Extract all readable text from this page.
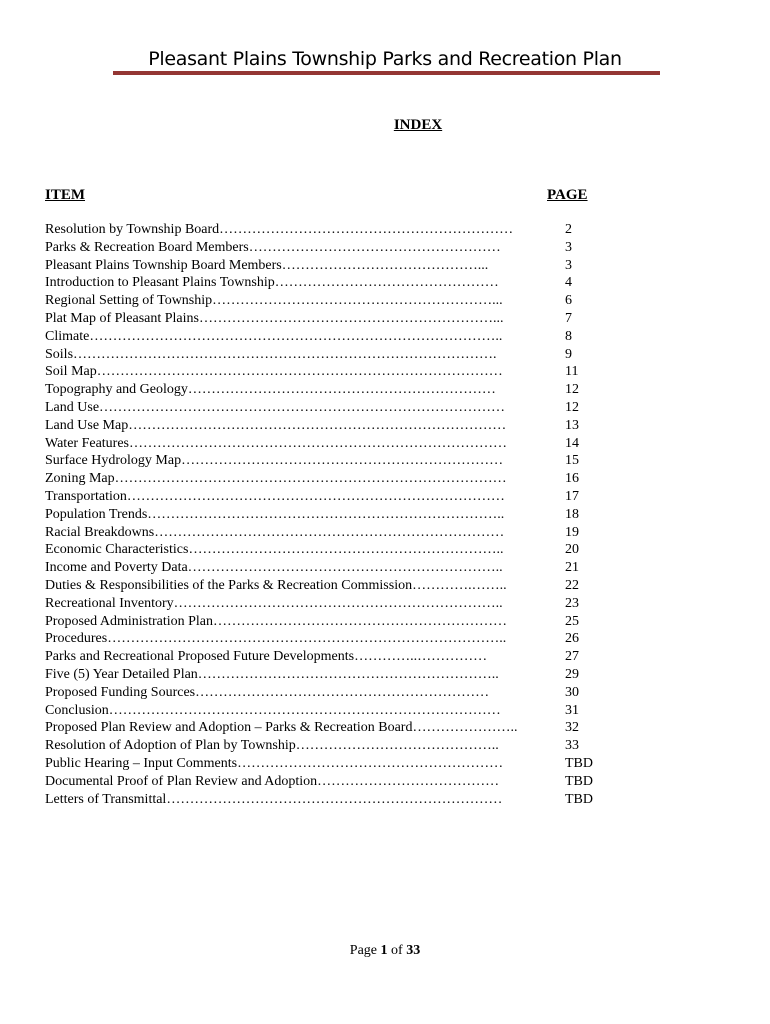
Pleasant Plains Township Parks and Recreation Plan
INDEX
ITEM	PAGE
Resolution by Township Board………………………………………………………	2
Parks & Recreation Board Members………………………………………………	3
Pleasant Plains Township Board Members……………………………………...	3
Introduction to Pleasant Plains Township…………………………………………	4
Regional Setting of Township……………………………………………………...	6
Plat Map of Pleasant Plains………………………………………………………...	7
Climate……………………………………………………………………………..	8
Soils……………………………………………………………………………….	9
Soil Map……………………………………………………………………………	11
Topography and Geology…………………………………………………………	12
Land Use……………………………………………………………………………	12
Land Use Map………………………………………………………………………	13
Water Features………………………………………………………………………	14
Surface Hydrology Map……………………………………………………………	15
Zoning Map…………………………………………………………………………	16
Transportation………………………………………………………………………	17
Population Trends…………………………………………………………………..	18
Racial Breakdowns…………………………………………………………………	19
Economic Characteristics…………………………………………………………..	20
Income and Poverty Data…………………………………………………………..	21
Duties & Responsibilities of the Parks & Recreation Commission………….……..	22
Recreational Inventory……………………………………………………………..	23
Proposed Administration Plan………………………………………………………	25
Procedures…………………………………………………………………………..	26
Parks and Recreational Proposed Future Developments…………..……………	27
Five (5) Year Detailed Plan………………………………………………………..	29
Proposed Funding Sources………………………………………………………	30
Conclusion…………………………………………………………………………	31
Proposed Plan Review and Adoption – Parks & Recreation Board…………………..	32
Resolution of Adoption of Plan by Township……………………………………..	33
Public Hearing – Input Comments…………………………………………………	TBD
Documental Proof of Plan Review and Adoption…………………………………	TBD
Letters of Transmittal………………………………………………………………	TBD
Page 1 of 33
